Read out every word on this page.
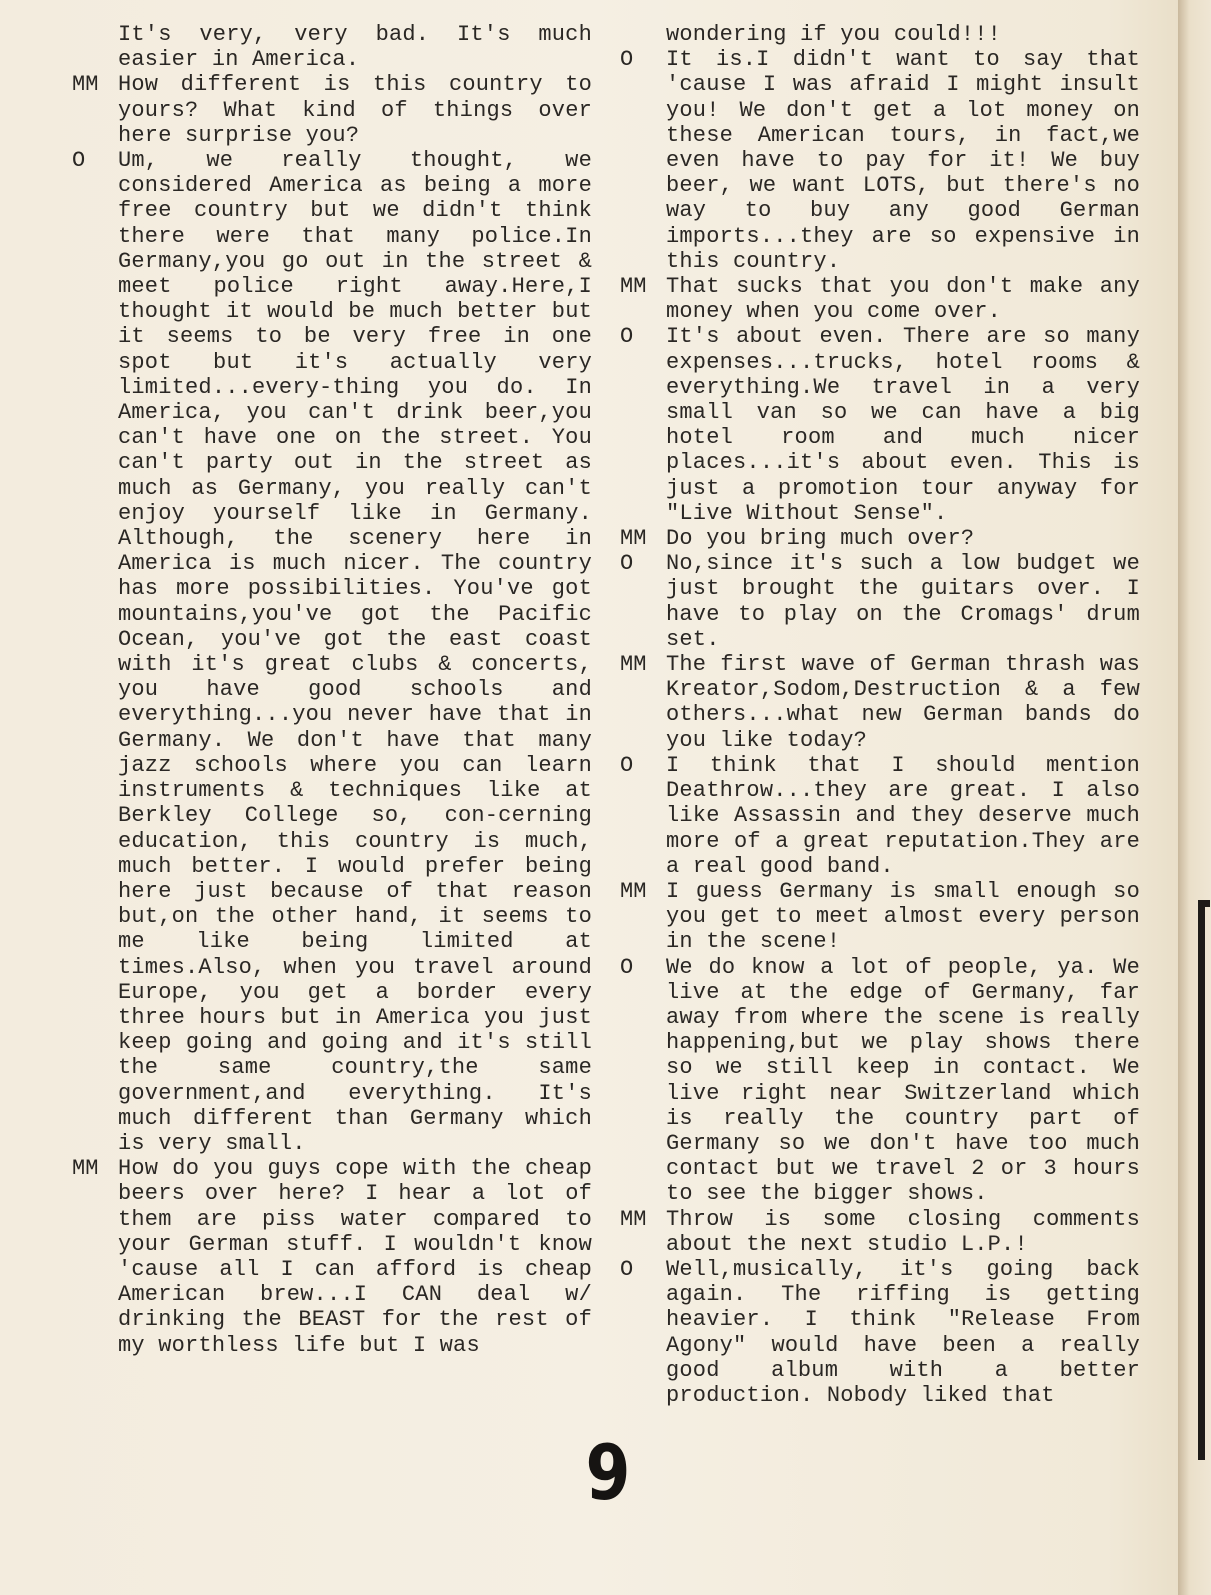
It's very, very bad. It's much easier in America.
MM How different is this country to yours? What kind of things over here surprise you?
O	Um, we really thought, we considered America as being a more free country but we didn't think there were that many police.In Germany,you go out in the street & meet police right away.Here,I thought it would be much better but it seems to be very free in one spot but it's actually very limited...every-thing you do. In America, you can't drink beer,you can't have one on the street. You can't party out in the street as much as Germany, you really can't enjoy yourself like in Germany. Although, the scenery here in America is much nicer. The country has more possibilities. You've got mountains,you've got the Pacific Ocean, you've got the east coast with it's great clubs & concerts, you have good schools and everything...you never have that in Germany. We don't have that many jazz schools where you can learn instruments & techniques like at Berkley College so, con-cerning education, this country is much, much better. I would prefer being here just because of that reason but,on the other hand, it seems to me like being limited at times.Also, when you travel around Europe, you get a border every three hours but in America you just keep going and going and it's still the same country,the same government,and everything. It's much different than Germany which is very small.
MM How do you guys cope with the cheap beers over here? I hear a lot of them are piss water compared to your German stuff. I wouldn't know 'cause all I can afford is cheap American brew...I CAN deal w/ drinking the BEAST for the rest of my worthless life but I was
wondering if you could!!!
O	It is.I didn't want to say that 'cause I was afraid I might insult you! We don't get a lot money on these American tours, in fact,we even have to pay for it! We buy beer, we want LOTS, but there's no way to buy any good German imports...they are so expensive in this country.
MM That sucks that you don't make any money when you come over.
O	It's about even. There are so many expenses...trucks, hotel rooms & everything.We travel in a very small van so we can have a big hotel room and much nicer places...it's about even. This is just a promotion tour anyway for "Live Without Sense".
MM Do you bring much over?
O	No,since it's such a low budget we just brought the guitars over. I have to play on the Cromags' drum set.
MM The first wave of German thrash was Kreator,Sodom,Destruction & a few others...what new German bands do you like today?
O	I think that I should mention Deathrow...they are great. I also like Assassin and they deserve much more of a great reputation.They are a real good band.
MM I guess Germany is small enough so you get to meet almost every person in the scene!
O	We do know a lot of people, ya. We live at the edge of Germany, far away from where the scene is really happening,but we play shows there so we still keep in contact. We live right near Switzerland which is really the country part of Germany so we don't have too much contact but we travel 2 or 3 hours to see the bigger shows.
MM Throw is some closing comments about the next studio L.P.!
O	Well,musically, it's going back again. The riffing is getting heavier. I think "Release From Agony" would have been a really good album with a better production. Nobody liked that
9
